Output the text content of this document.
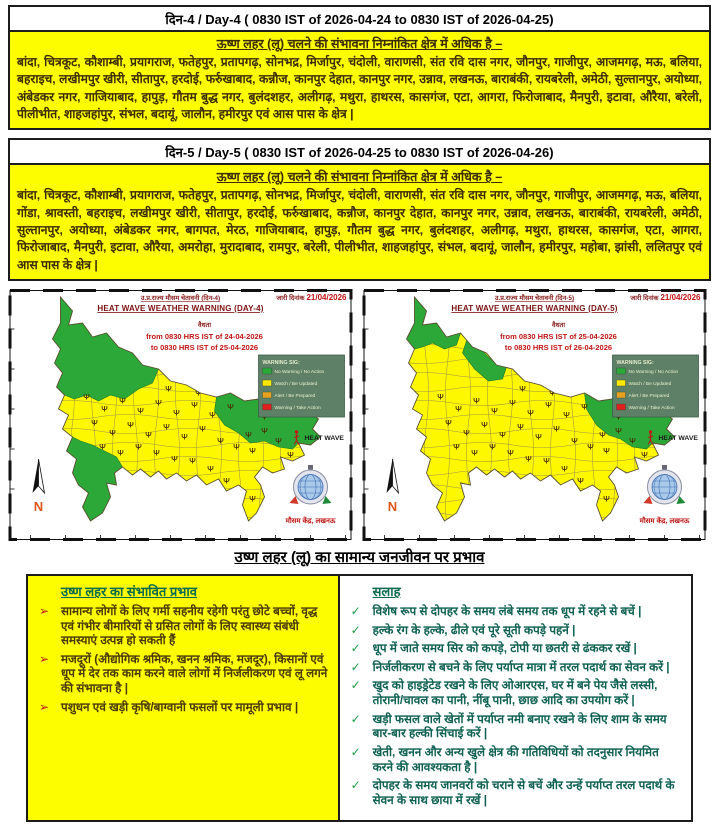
दिन-4 / Day-4 ( 0830 IST of 2026-04-24 to 0830 IST of 2026-04-25)
ऊष्ण लहर (लू) चलने की संभावना निम्नांकित क्षेत्र में अधिक है –
बांदा, चित्रकूट, कौशाम्बी, प्रयागराज, फतेहपुर, प्रतापगढ़, सोनभद्र, मिर्जापुर, चंदोली, वाराणसी, संत रवि दास नगर, जौनपुर, गाजीपुर, आजमगढ़, मऊ, बलिया, बहराइच, लखीमपुर खीरी, सीतापुर, हरदोई, फर्रुखाबाद, कन्नौज, कानपुर देहात, कानपुर नगर, उन्नाव, लखनऊ, बाराबंकी, रायबरेली, अमेठी, सुल्तानपुर, अयोध्या, अंबेडकर नगर, गाजियाबाद, हापुड़, गौतम बुद्ध नगर, बुलंदशहर, अलीगढ़, मथुरा, हाथरस, कासगंज, एटा, आगरा, फिरोजाबाद, मैनपुरी, इटावा, औरैया, बरेली, पीलीभीत, शाहजहांपुर, संभल, बदायूं, जालौन, हमीरपुर एवं आस पास के क्षेत्र |
दिन-5 / Day-5 ( 0830 IST of 2026-04-25 to 0830 IST of 2026-04-26)
ऊष्ण लहर (लू) चलने की संभावना निम्नांकित क्षेत्र में अधिक है –
बांदा, चित्रकूट, कौशाम्बी, प्रयागराज, फतेहपुर, प्रतापगढ़, सोनभद्र, मिर्जापुर, चंदोली, वाराणसी, संत रवि दास नगर, जौनपुर, गाजीपुर, आजमगढ़, मऊ, बलिया, गोंडा, श्रावस्ती, बहराइच, लखीमपुर खीरी, सीतापुर, हरदोई, फर्रुखाबाद, कन्नौज, कानपुर देहात, कानपुर नगर, उन्नाव, लखनऊ, बाराबंकी, रायबरेली, अमेठी, सुल्तानपुर, अयोध्या, अंबेडकर नगर, बागपत, मेरठ, गाजियाबाद, हापुड़, गौतम बुद्ध नगर, बुलंदशहर, अलीगढ़, मथुरा, हाथरस, कासगंज, एटा, आगरा, फिरोजाबाद, मैनपुरी, इटावा, औरैया, अमरोहा, मुरादाबाद, रामपुर, बरेली, पीलीभीत, शाहजहांपुर, संभल, बदायूं, जालौन, हमीरपुर, महोबा, झांसी, ललितपुर एवं आस पास के क्षेत्र |
उ.प्र.राज्य मौसम चेतावनी (दिन-4)
HEAT WAVE WEATHER WARNING (DAY-4)
जारी दिनांक 21/04/2026
वैधता
from 0830 HRS IST of 24-04-2026
to 0830 HRS IST of 25-04-2026
WARNING SIG:
No Warning / No Action
Watch / Be Updated
Alert / Be Prepared
Warning / Take Action
HEAT WAVE
N
मौसम केंद्र, लखनऊ
उ.प्र.राज्य मौसम चेतावनी (दिन-5)
HEAT WAVE WEATHER WARNING (DAY-5)
जारी दिनांक 21/04/2026
वैधता
from 0830 HRS IST of 25-04-2026
to 0830 HRS IST of 26-04-2026
WARNING SIG:
No Warning / No Action
Watch / Be Updated
Alert / Be Prepared
Warning / Take Action
HEAT WAVE
N
मौसम केंद्र, लखनऊ
उष्ण लहर (लू) का सामान्य जनजीवन पर प्रभाव
उष्ण लहर का संभावित प्रभाव
➢ सामान्य लोगों के लिए गर्मी सहनीय रहेगी परंतु छोटे बच्चों, वृद्ध एवं गंभीर बीमारियों से ग्रसित लोगों के लिए स्वास्थ्य संबंधी समस्याएं उत्पन्न हो सकती हैं
➢ मजदूरों (औद्योगिक श्रमिक, खनन श्रमिक, मजदूर), किसानों एवं धूप में देर तक काम करने वाले लोगों में निर्जलीकरण एवं लू लगने की संभावना है |
➢ पशुधन एवं खड़ी कृषि/बाग्वानी फसलों पर मामूली प्रभाव |
सलाह
✓ विशेष रूप से दोपहर के समय लंबे समय तक धूप में रहने से बचें |
✓ हल्के रंग के हल्के, ढीले एवं पूरे सूती कपड़े पहनें |
✓ धूप में जाते समय सिर को कपड़े, टोपी या छतरी से ढंककर रखें |
✓ निर्जलीकरण से बचने के लिए पर्याप्त मात्रा में तरल पदार्थ का सेवन करें |
✓ खुद को हाइड्रेटेड रखने के लिए ओआरएस, घर में बने पेय जैसे लस्सी, तोरानी/चावल का पानी, नींबू पानी, छाछ आदि का उपयोग करें |
✓ खड़ी फसल वाले खेतों में पर्याप्त नमी बनाए रखने के लिए शाम के समय बार-बार हल्की सिंचाई करें |
✓ खेती, खनन और अन्य खुले क्षेत्र की गतिविधियों को तदनुसार नियमित करने की आवश्यकता है |
✓ दोपहर के समय जानवरों को चराने से बचें और उन्हें पर्याप्त तरल पदार्थ के सेवन के साथ छाया में रखें |
